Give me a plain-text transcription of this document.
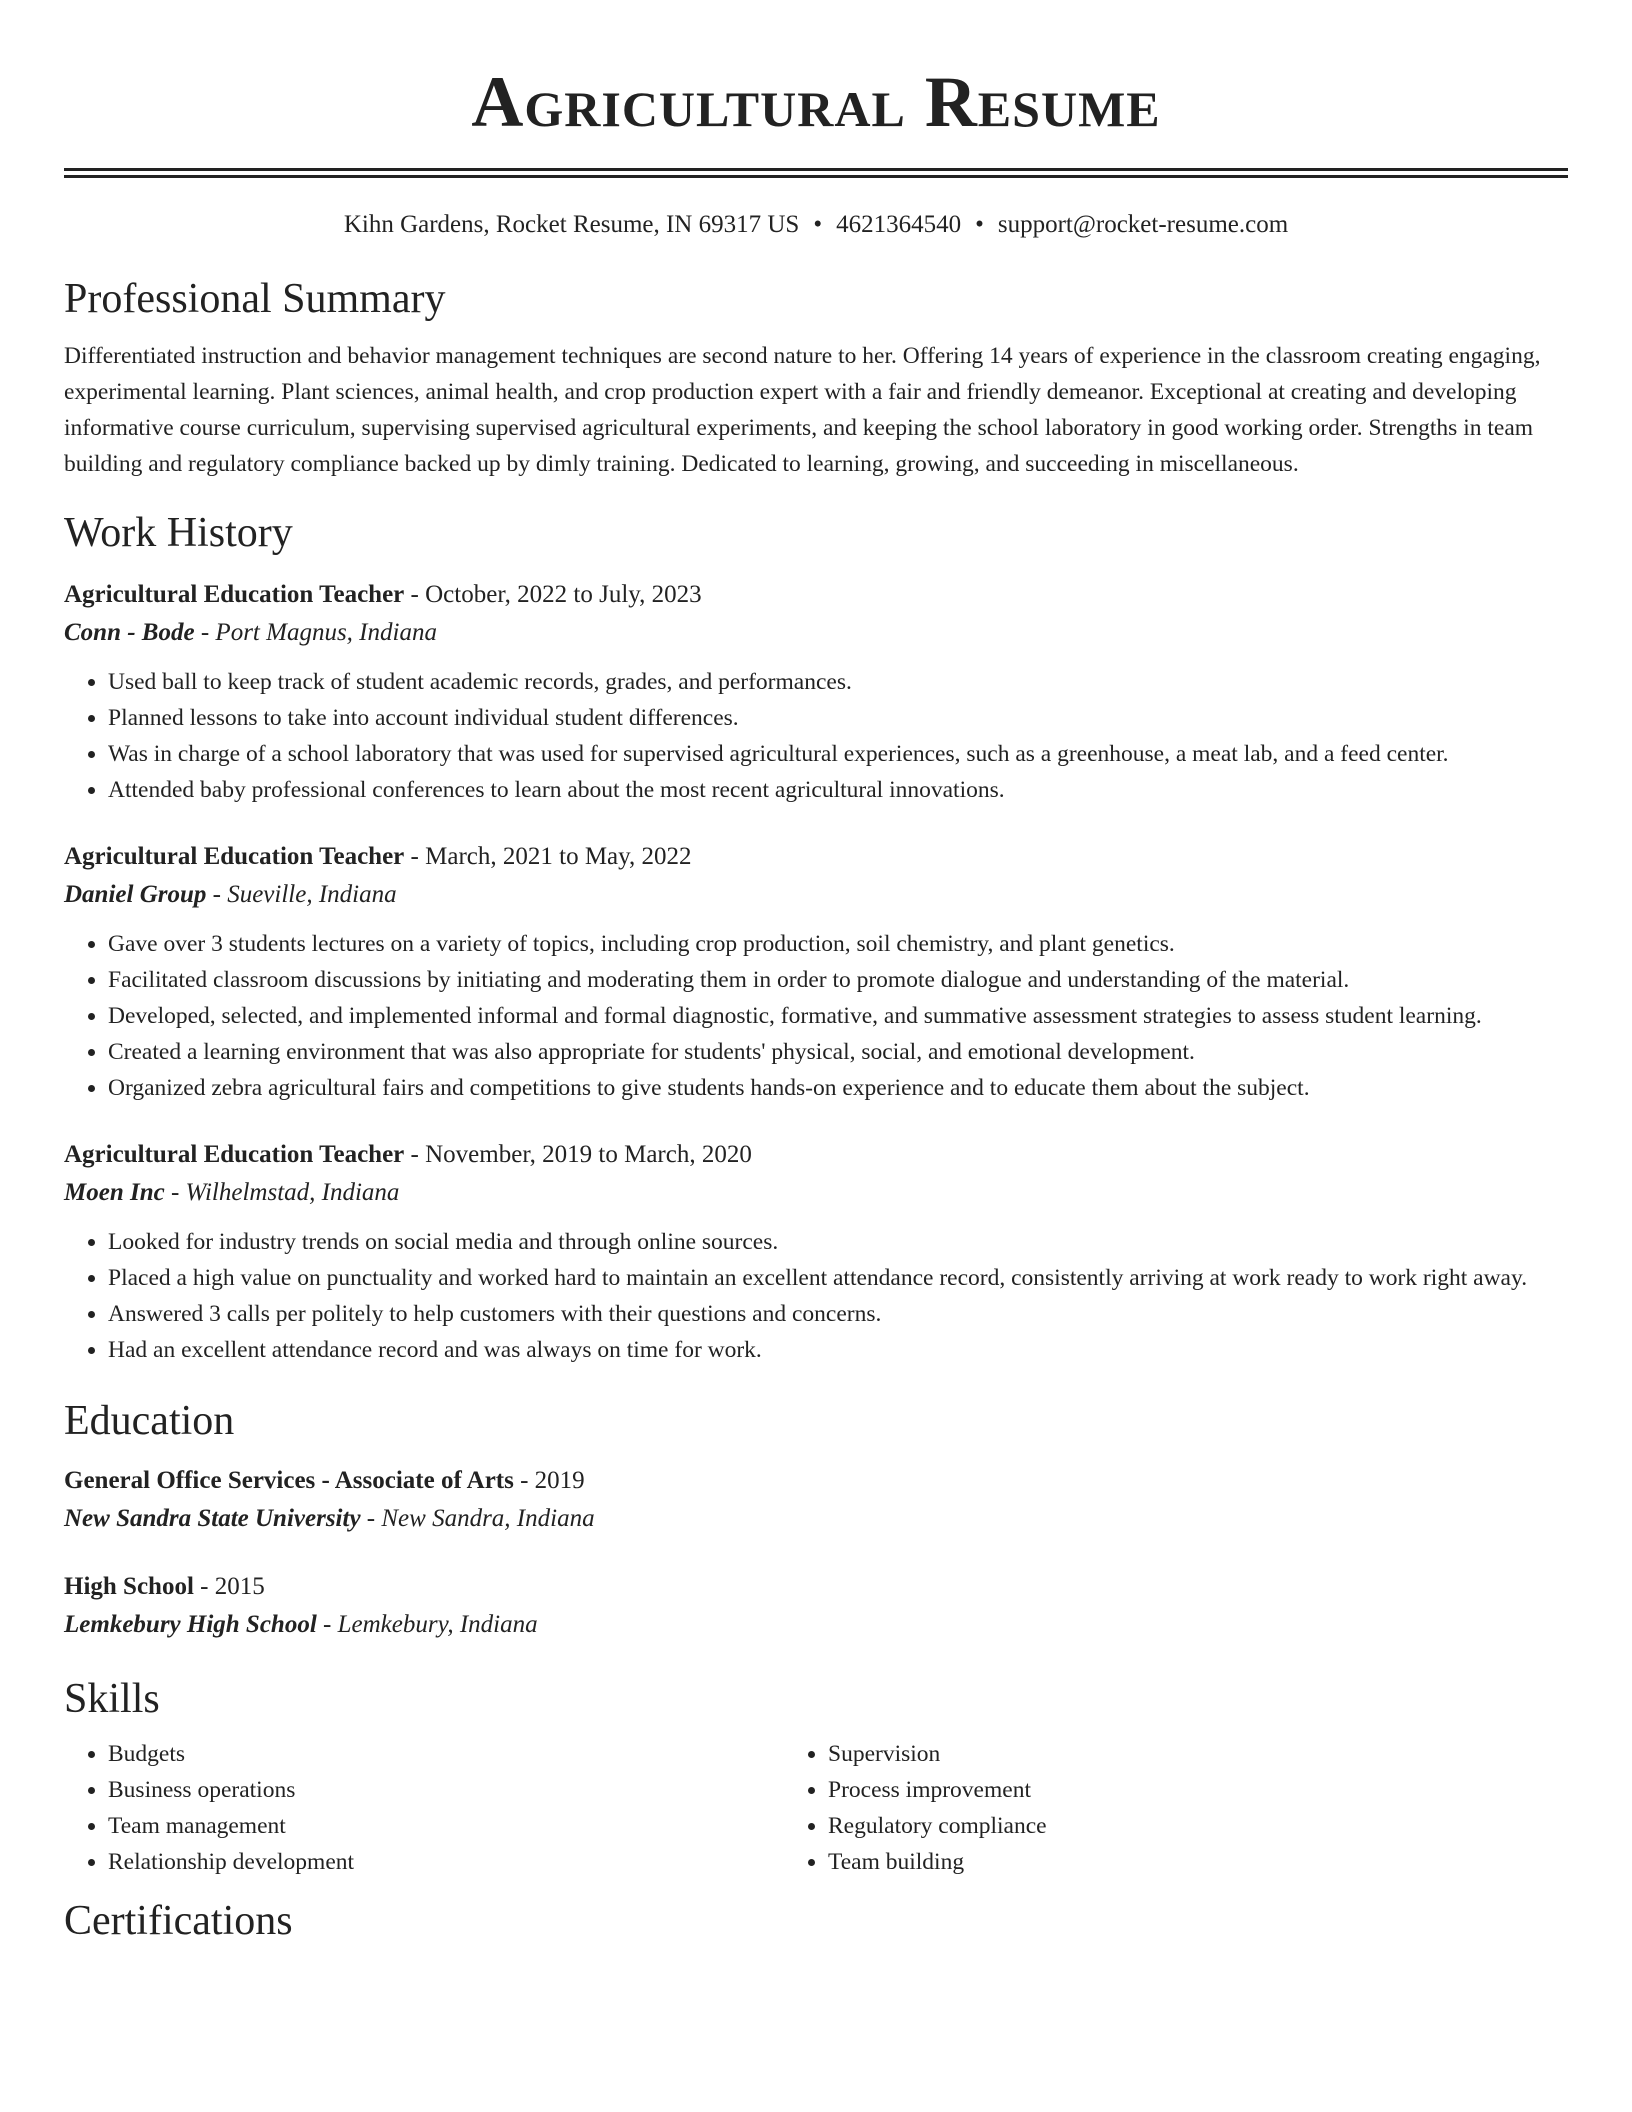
Agricultural Resume
Kihn Gardens, Rocket Resume, IN 69317 US • 4621364540 • support@rocket-resume.com
Professional Summary
Differentiated instruction and behavior management techniques are second nature to her. Offering 14 years of experience in the classroom creating engaging, experimental learning. Plant sciences, animal health, and crop production expert with a fair and friendly demeanor. Exceptional at creating and developing informative course curriculum, supervising supervised agricultural experiments, and keeping the school laboratory in good working order. Strengths in team building and regulatory compliance backed up by dimly training. Dedicated to learning, growing, and succeeding in miscellaneous.
Work History
Agricultural Education Teacher - October, 2022 to July, 2023
Conn - Bode - Port Magnus, Indiana
• Used ball to keep track of student academic records, grades, and performances.
• Planned lessons to take into account individual student differences.
• Was in charge of a school laboratory that was used for supervised agricultural experiences, such as a greenhouse, a meat lab, and a feed center.
• Attended baby professional conferences to learn about the most recent agricultural innovations.
Agricultural Education Teacher - March, 2021 to May, 2022
Daniel Group - Sueville, Indiana
• Gave over 3 students lectures on a variety of topics, including crop production, soil chemistry, and plant genetics.
• Facilitated classroom discussions by initiating and moderating them in order to promote dialogue and understanding of the material.
• Developed, selected, and implemented informal and formal diagnostic, formative, and summative assessment strategies to assess student learning.
• Created a learning environment that was also appropriate for students' physical, social, and emotional development.
• Organized zebra agricultural fairs and competitions to give students hands-on experience and to educate them about the subject.
Agricultural Education Teacher - November, 2019 to March, 2020
Moen Inc - Wilhelmstad, Indiana
• Looked for industry trends on social media and through online sources.
• Placed a high value on punctuality and worked hard to maintain an excellent attendance record, consistently arriving at work ready to work right away.
• Answered 3 calls per politely to help customers with their questions and concerns.
• Had an excellent attendance record and was always on time for work.
Education
General Office Services - Associate of Arts - 2019
New Sandra State University - New Sandra, Indiana
High School - 2015
Lemkebury High School - Lemkebury, Indiana
Skills
• Budgets
• Business operations
• Team management
• Relationship development
• Supervision
• Process improvement
• Regulatory compliance
• Team building
Certifications
